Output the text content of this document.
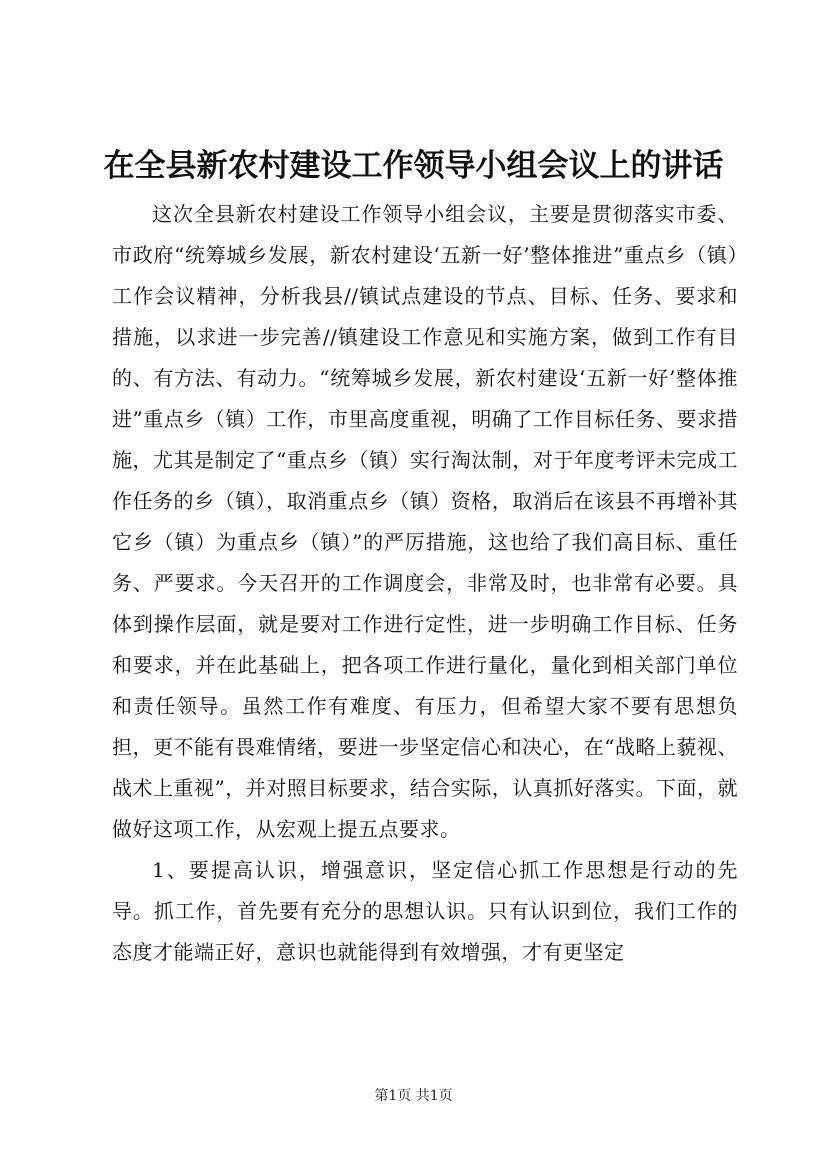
在全县新农村建设工作领导小组会议上的讲话

这次全县新农村建设工作领导小组会议，主要是贯彻落实市委、市政府“统筹城乡发展，新农村建设‘五新一好’整体推进”重点乡（镇）工作会议精神，分析我县//镇试点建设的节点、目标、任务、要求和措施，以求进一步完善//镇建设工作意见和实施方案，做到工作有目的、有方法、有动力。“统筹城乡发展，新农村建设‘五新一好’整体推进”重点乡（镇）工作，市里高度重视，明确了工作目标任务、要求措施，尤其是制定了“重点乡（镇）实行淘汰制，对于年度考评未完成工作任务的乡（镇），取消重点乡（镇）资格，取消后在该县不再增补其它乡（镇）为重点乡（镇）”的严厉措施，这也给了我们高目标、重任务、严要求。今天召开的工作调度会，非常及时，也非常有必要。具体到操作层面，就是要对工作进行定性，进一步明确工作目标、任务和要求，并在此基础上，把各项工作进行量化，量化到相关部门单位和责任领导。虽然工作有难度、有压力，但希望大家不要有思想负担，更不能有畏难情绪，要进一步坚定信心和决心，在“战略上藐视、战术上重视”，并对照目标要求，结合实际，认真抓好落实。下面，就做好这项工作，从宏观上提五点要求。

1、要提高认识，增强意识，坚定信心抓工作思想是行动的先导。抓工作，首先要有充分的思想认识。只有认识到位，我们工作的态度才能端正好，意识也就能得到有效增强，才有更坚定

第1页 共1页
